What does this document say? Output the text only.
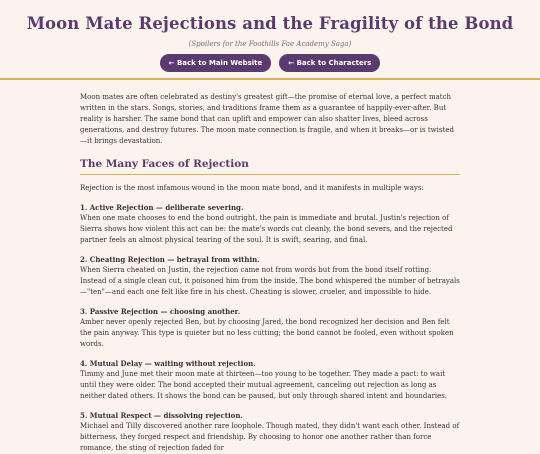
Moon Mate Rejections and the Fragility of the Bond
(Spoilers for the Foothills Fae Academy Saga)
← Back to Main Website	← Back to Characters

Moon mates are often celebrated as destiny's greatest gift—the promise of eternal love, a perfect match written in the stars. Songs, stories, and traditions frame them as a guarantee of happily-ever-after. But reality is harsher. The same bond that can uplift and empower can also shatter lives, bleed across generations, and destroy futures. The moon mate connection is fragile, and when it breaks—or is twisted—it brings devastation.

The Many Faces of Rejection

Rejection is the most infamous wound in the moon mate bond, and it manifests in multiple ways:

1. Active Rejection — deliberate severing.
When one mate chooses to end the bond outright, the pain is immediate and brutal. Justin's rejection of Sierra shows how violent this act can be: the mate's words cut cleanly, the bond severs, and the rejected partner feels an almost physical tearing of the soul. It is swift, searing, and final.
2. Cheating Rejection — betrayal from within.
When Sierra cheated on Justin, the rejection came not from words but from the bond itself rotting. Instead of a single clean cut, it poisoned him from the inside. The bond whispered the number of betrayals—"ten"—and each one felt like fire in his chest. Cheating is slower, crueler, and impossible to hide.
3. Passive Rejection — choosing another.
Amber never openly rejected Ben, but by choosing Jared, the bond recognized her decision and Ben felt the pain anyway. This type is quieter but no less cutting; the bond cannot be fooled, even without spoken words.
4. Mutual Delay — waiting without rejection.
Timmy and June met their moon mate at thirteen—too young to be together. They made a pact: to wait until they were older. The bond accepted their mutual agreement, canceling out rejection as long as neither dated others. It shows the bond can be paused, but only through shared intent and boundaries.
5. Mutual Respect — dissolving rejection.
Michael and Tilly discovered another rare loophole. Though mated, they didn't want each other. Instead of bitterness, they forged respect and friendship. By choosing to honor one another rather than force romance, the sting of rejection faded for
